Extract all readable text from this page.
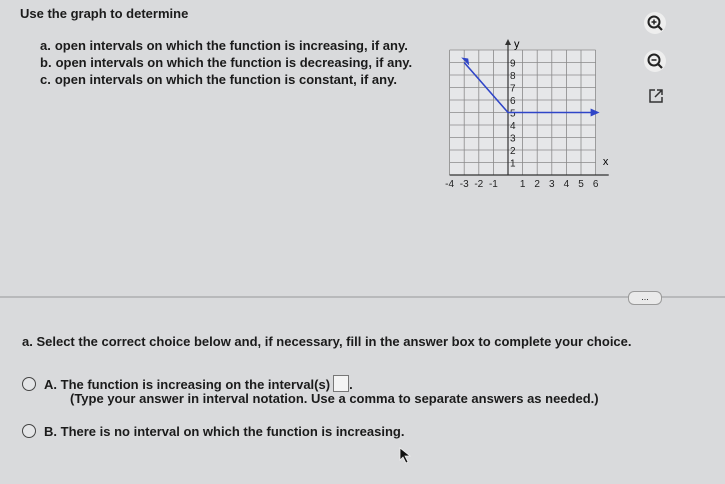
Use the graph to determine
a. open intervals on which the function is increasing, if any.
b. open intervals on which the function is decreasing, if any.
c. open intervals on which the function is constant, if any.
-4 -3 -2 -1 1 2 3 4 5 6
1
2
3
4
5
6
7
8
9
x
y
...
a. Select the correct choice below and, if necessary, fill in the answer box to complete your choice.
A. The function is increasing on the interval(s) .
(Type your answer in interval notation. Use a comma to separate answers as needed.)
B. There is no interval on which the function is increasing.
